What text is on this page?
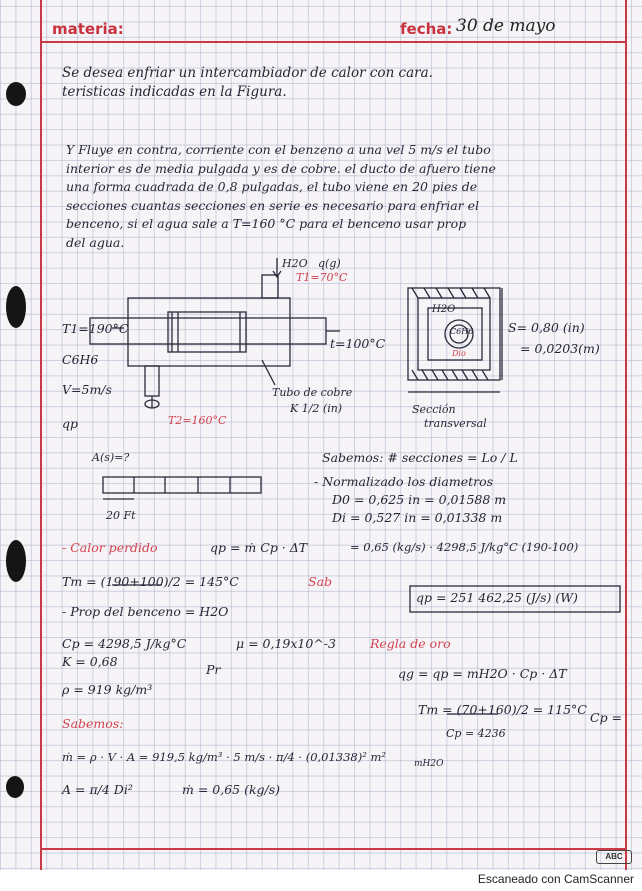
materia:	fecha: 30 de mayo
Se desea enfriar un intercambiador de calor con cara.
teristicas indicadas en la Figura.
Y Fluye en contra, corriente con el benzeno a una vel 5 m/s el tubo
interior es de media pulgada y es de cobre. el ducto de afuero tiene
una forma cuadrada de 0,8 pulgadas, el tubo viene en 20 pies de
secciones cuantas secciones en serie es necesario para enfriar el
benceno, si el agua sale a T=160 °C para el benceno usar prop
del agua.
H2O q(g)
T1=70°C
T1=190°C
C6H6
V=5m/s
qp
t=100°C
T2=160°C
Tubo de cobre
K 1/2 (in)
H2O
C6H6
Dio
S= 0,80 (in)
= 0,0203(m)
Sección
transversal
A(s)=?
20 Ft
Sabemos: # secciones = Lo / L
- Normalizado los diametros
D0 = 0,625 in = 0,01588 m
Di = 0,527 in = 0,01338 m
- Calor perdido	qp = ṁ Cp · ΔT	= 0,65 (kg/s) · 4298,5 J/kg°C (190-100)
Tm = (190+100)/2 = 145°C	Sab
- Prop del benceno = H2O
qp = 251 462,25 (J/s) (W)
Cp = 4298,5 J/kg°C	μ = 0,19x10^-3	Regla de oro
K = 0,68
Pr	qg = qp = mH2O · Cp · ΔT
ρ = 919 kg/m³
Sabemos:
Tm = (70+160)/2 = 115°C
Cp =
Cp = 4236
ṁ = ρ · V · A = 919,5 kg/m³ · 5 m/s · π/4 · (0,01338)² m²	mH2O
A = π/4 Di²	ṁ = 0,65 (kg/s)
ABC
Escaneado con CamScanner
